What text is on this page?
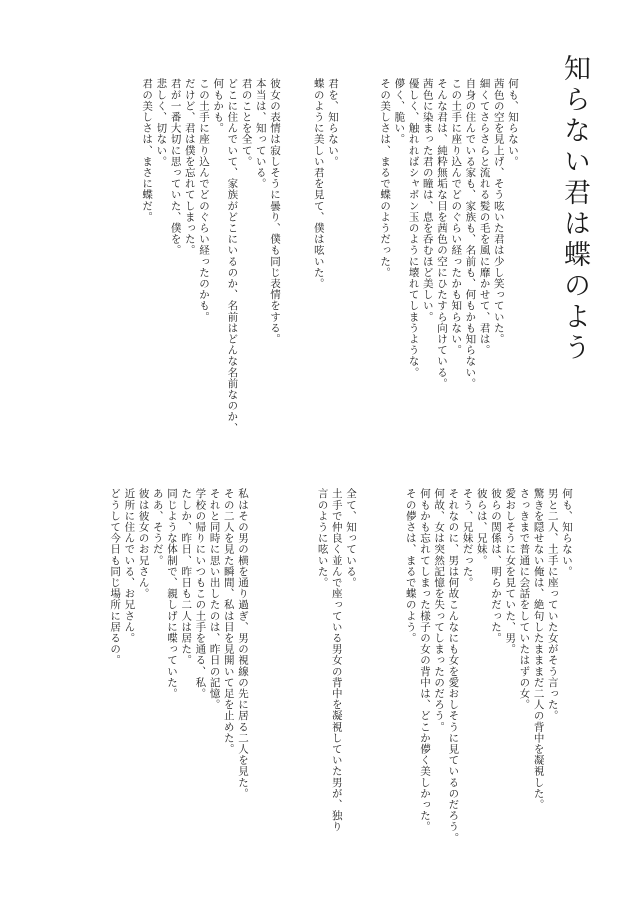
知らない君は蝶のよう
何も、知らない。
茜色の空を見上げ、そう呟いた君は少し笑っていた。
細くてさらさらと流れる髪の毛を風に靡かせて、君は。
自身の住んでいる家も、家族も、名前も、何もかも知らない。
この土手に座り込んでどのぐらい経ったかも知らない。
そんな君は、純粋無垢な目を茜色の空にひたすら向けている。
茜色に染まった君の瞳は、息を呑むほど美しい。
優しく、触れればシャボン玉のように壊れてしまうような。
儚く、脆い。
その美しさは、まるで蝶のようだった。
君を、知らない。
蝶のように美しい君を見て、僕は呟いた。
彼女の表情は寂しそうに曇り、僕も同じ表情をする。
本当は、知っている。
君のことを全て。
どこに住んでいて、家族がどこにいるのか、名前はどんな名前なのか、
何もかも。
この土手に座り込んでどのぐらい経ったのかも。
だけど、君は僕を忘れてしまった。
君が一番大切に思っていた、僕を。
悲しく、切ない。
君の美しさは、まさに蝶だ。
何も、知らない。
男と二人、土手に座っていた女がそう言った。
驚きを隠せない俺は、絶句したまままだ二人の背中を凝視した。
さっきまで普通に会話をしていたはずの女。
愛おしそうに女を見ていた、男。
彼らの関係は、明らかだった。
彼らは、兄妹。
そう、兄妹だった。
それなのに、男は何故こんなにも女を愛おしそうに見ているのだろう。
何故、女は突然記憶を失ってしまったのだろう。
何もかも忘れてしまった様子の女の背中は、どこか儚く美しかった。
その儚さは、まるで蝶のよう。
全て、知っている。
土手で仲良く並んで座っている男女の背中を凝視していた男が、独り
言のように呟いた。
私はその男の横を通り過ぎ、男の視線の先に居る二人を見た。
その二人を見た瞬間、私は目を見開いて足を止めた。
それと同時に思い出したのは、昨日の記憶。
学校の帰りにいつもこの土手を通る、私。
たしか、昨日、昨日も二人は居た。
同じような体制で、親しげに喋っていた。
ああ、そうだ。
彼は彼女のお兄さん。
近所に住んでいる、お兄さん。
どうして今日も同じ場所に居るの。
